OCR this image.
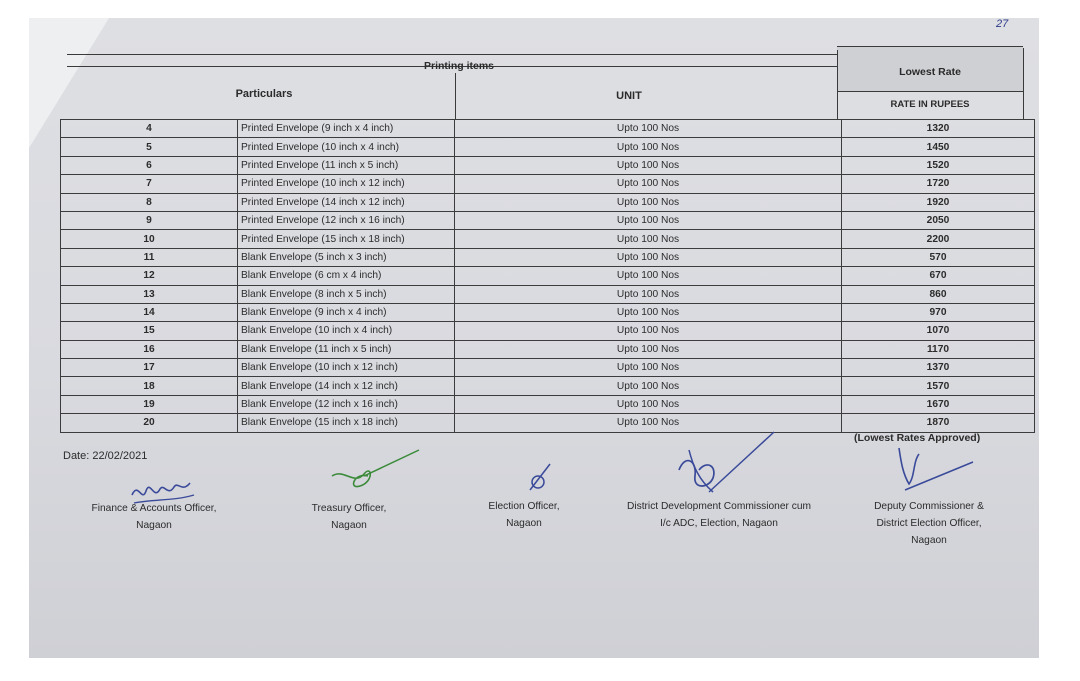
27
Printing items
Particulars	UNIT
Lowest Rate
RATE IN RUPEES
4	Printed Envelope (9 inch x 4 inch)	Upto 100 Nos	1320
5	Printed Envelope (10 inch x 4 inch)	Upto 100 Nos	1450
6	Printed Envelope (11 inch x 5 inch)	Upto 100 Nos	1520
7	Printed Envelope (10 inch x 12 inch)	Upto 100 Nos	1720
8	Printed Envelope (14 inch x 12 inch)	Upto 100 Nos	1920
9	Printed Envelope (12 inch x 16 inch)	Upto 100 Nos	2050
10	Printed Envelope (15 inch x 18 inch)	Upto 100 Nos	2200
11	Blank Envelope (5 inch x 3 inch)	Upto 100 Nos	570
12	Blank Envelope (6 cm x 4 inch)	Upto 100 Nos	670
13	Blank Envelope (8 inch x 5 inch)	Upto 100 Nos	860
14	Blank Envelope (9 inch x 4 inch)	Upto 100 Nos	970
15	Blank Envelope (10 inch x 4 inch)	Upto 100 Nos	1070
16	Blank Envelope (11 inch x 5 inch)	Upto 100 Nos	1170
17	Blank Envelope (10 inch x 12 inch)	Upto 100 Nos	1370
18	Blank Envelope (14 inch x 12 inch)	Upto 100 Nos	1570
19	Blank Envelope (12 inch x 16 inch)	Upto 100 Nos	1670
20	Blank Envelope (15 inch x 18 inch)	Upto 100 Nos	1870
(Lowest Rates Approved)
Date: 22/02/2021
Finance & Accounts Officer,
Nagaon
Treasury Officer,
Nagaon
Election Officer,
Nagaon
District Development Commissioner cum
I/c ADC, Election, Nagaon
Deputy Commissioner &
District Election Officer,
Nagaon
